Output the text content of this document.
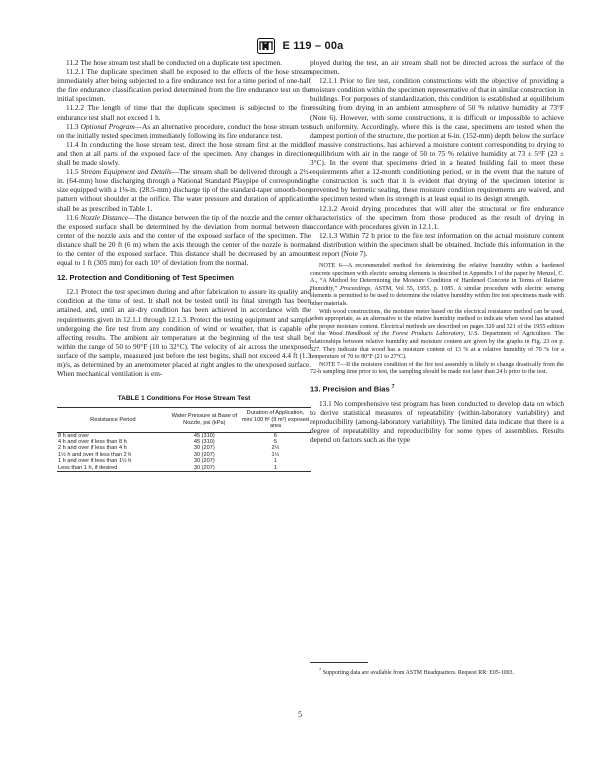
E 119 – 00a

11.2 The hose stream test shall be conducted on a duplicate test specimen.

11.2.1 The duplicate specimen shall be exposed to the effects of the hose stream immediately after being subjected to a fire endurance test for a time period of one-half the fire endurance classification period determined from the fire endurance test on the initial specimen.

11.2.2 The length of time that the duplicate specimen is subjected to the fire endurance test shall not exceed 1 h.

11.3 Optional Program—As an alternative procedure, conduct the hose stream test on the initially tested specimen immediately following its fire endurance test.

11.4 In conducting the hose stream test, direct the hose stream first at the middle and then at all parts of the exposed face of the specimen. Any changes in direction shall be made slowly.

11.5 Stream Equipment and Details—The stream shall be delivered through a 2½-in. (64-mm) hose discharging through a National Standard Playpipe of corresponding size equipped with a 1⅛-in. (28.5-mm) discharge tip of the standard-taper smooth-bore pattern without shoulder at the orifice. The water pressure and duration of application shall be as prescribed in Table 1.

11.6 Nozzle Distance—The distance between the tip of the nozzle and the center of the exposed surface shall be determined by the deviation from normal between the center of the nozzle axis and the center of the exposed surface of the specimen. The distance shall be 20 ft (6 m) when the axis through the center of the nozzle is normal to the center of the exposed surface. This distance shall be decreased by an amount equal to 1 ft (305 mm) for each 10° of deviation from the normal.

12. Protection and Conditioning of Test Specimen

12.1 Protect the test specimen during and after fabrication to assure its quality and condition at the time of test. It shall not be tested until its final strength has been attained, and, until an air-dry condition has been achieved in accordance with the requirements given in 12.1.1 through 12.1.3. Protect the testing equipment and sample undergoing the fire test from any condition of wind or weather, that is capable of affecting results. The ambient air temperature at the beginning of the test shall be within the range of 50 to 90°F (10 to 32°C). The velocity of air across the unexposed surface of the sample, measured just before the test begins, shall not exceed 4.4 ft (1.3 m)/s, as determined by an anemometer placed at right angles to the unexposed surface. When mechanical ventilation is em-

TABLE 1 Conditions For Hose Stream Test
Resistance Period	Water Pressure at Base of Nozzle, psi (kPa)	Duration of Application, min/ 100 ft² (9 m²) exposed area
8 h and over	45 (310)	6
4 h and over if less than 8 h	45 (310)	5
2 h and over if less than 4 h	30 (207)	2½
1½ h and over if less than 2 h	30 (207)	1½
1 h and over if less than 1½ h	30 (207)	1
Less than 1 h, if desired	30 (207)	1

ployed during the test, an air stream shall not be directed across the surface of the specimen.

12.1.1 Prior to fire test, condition constructions with the objective of providing a moisture condition within the specimen representative of that in similar construction in buildings. For purposes of standardization, this condition is established at equilibrium resulting from drying in an ambient atmosphere of 50 % relative humidity at 73°F (Note 6). However, with some constructions, it is difficult or impossible to achieve such uniformity. Accordingly, where this is the case, specimens are tested when the dampest portion of the structure, the portion at 6-in. (152-mm) depth below the surface of massive constructions, has achieved a moisture content corresponding to drying to equilibrium with air in the range of 50 to 75 % relative humidity at 73 ± 5°F (23 ± 3°C). In the event that specimens dried in a heated building fail to meet these requirements after a 12-month conditioning period, or in the event that the nature of the construction is such that it is evident that drying of the specimen interior is prevented by hermetic sealing, these moisture condition requirements are waived, and the specimen tested when its strength is at least equal to its design strength.

12.1.2 Avoid drying procedures that will alter the structural or fire endurance characteristics of the specimen from those produced as the result of drying in accordance with procedures given in 12.1.1.

12.1.3 Within 72 h prior to the fire test information on the actual moisture content and distribution within the specimen shall be obtained. Include this information in the test report (Note 7).

NOTE 6—A recommended method for determining the relative humidity within a hardened concrete specimen with electric sensing elements is described in Appendix I of the paper by Menzel, C. A., “A Method for Determining the Moisture Condition of Hardened Concrete in Terms of Relative Humidity,” Proceedings, ASTM, Vol 55, 1955, p. 1085. A similar procedure with electric sensing elements is permitted to be used to determine the relative humidity within fire test specimens made with other materials.

With wood constructions, the moisture meter based on the electrical resistance method can be used, when appropriate, as an alternative to the relative humidity method to indicate when wood has attained the proper moisture content. Electrical methods are described on pages 320 and 321 of the 1955 edition of the Wood Handbook of the Forest Products Laboratory, U.S. Department of Agriculture. The relationships between relative humidity and moisture content are given by the graphs in Fig. 23 on p. 327. They indicate that wood has a moisture content of 13 % at a relative humidity of 70 % for a temperature of 70 to 80°F (21 to 27°C).

NOTE 7—If the moisture condition of the fire test assembly is likely to change drastically from the 72-h sampling time prior to test, the sampling should be made not later than 24 h prior to the test.

13. Precision and Bias $^7$

13.1 No comprehensive test program has been conducted to develop data on which to derive statistical measures of repeatability (within-laboratory variability) and reproducibility (among-laboratory variability). The limited data indicate that there is a degree of repeatability and reproducibility for some types of assemblies. Results depend on factors such as the type

$^7$ Supporting data are available from ASTM Headquarters. Request RR: E05-1003.

5
